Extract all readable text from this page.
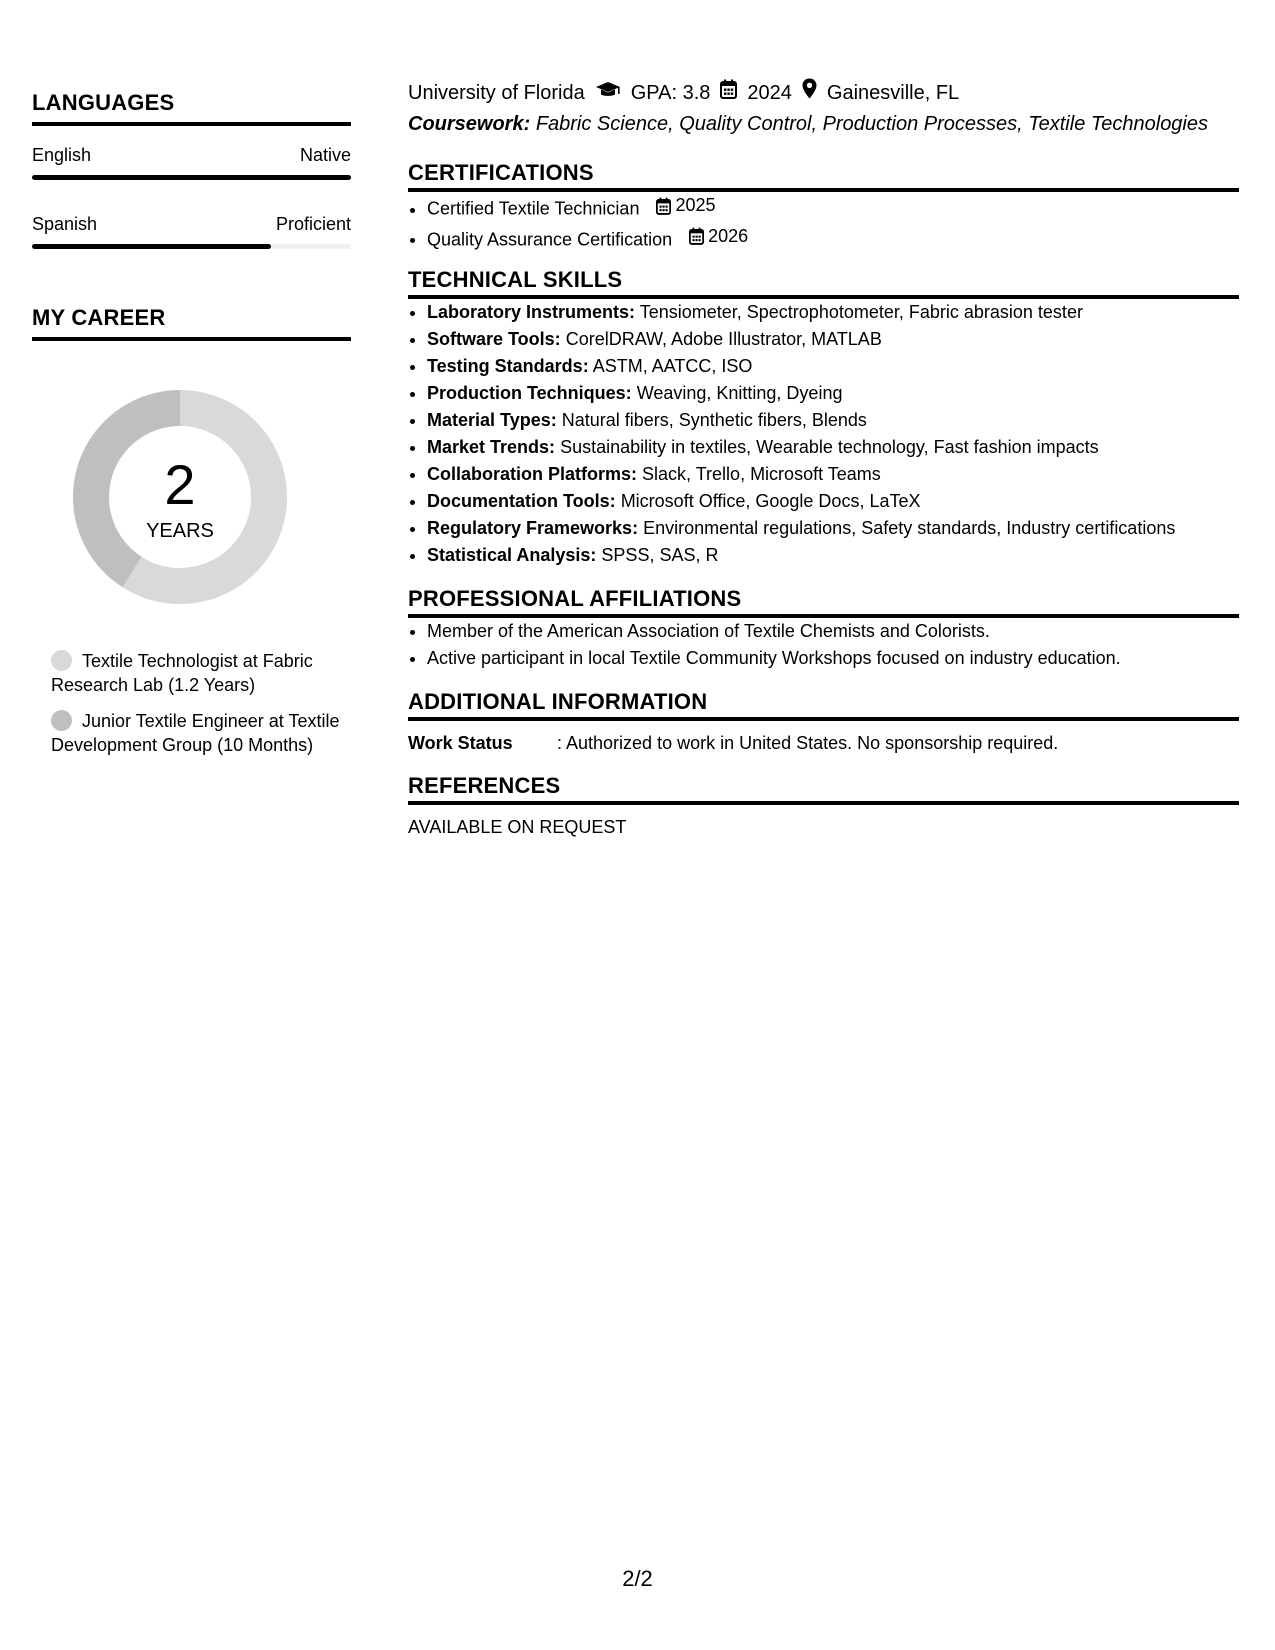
LANGUAGES
English	Native
Spanish	Proficient
MY CAREER
2
YEARS
Textile Technologist at Fabric Research Lab (1.2 Years)
Junior Textile Engineer at Textile Development Group (10 Months)
University of Florida GPA: 3.8 2024 Gainesville, FL
Coursework: Fabric Science, Quality Control, Production Processes, Textile Technologies
CERTIFICATIONS
• Certified Textile Technician 2025
• Quality Assurance Certification 2026
TECHNICAL SKILLS
• Laboratory Instruments: Tensiometer, Spectrophotometer, Fabric abrasion tester
• Software Tools: CorelDRAW, Adobe Illustrator, MATLAB
• Testing Standards: ASTM, AATCC, ISO
• Production Techniques: Weaving, Knitting, Dyeing
• Material Types: Natural fibers, Synthetic fibers, Blends
• Market Trends: Sustainability in textiles, Wearable technology, Fast fashion impacts
• Collaboration Platforms: Slack, Trello, Microsoft Teams
• Documentation Tools: Microsoft Office, Google Docs, LaTeX
• Regulatory Frameworks: Environmental regulations, Safety standards, Industry certifications
• Statistical Analysis: SPSS, SAS, R
PROFESSIONAL AFFILIATIONS
• Member of the American Association of Textile Chemists and Colorists.
• Active participant in local Textile Community Workshops focused on industry education.
ADDITIONAL INFORMATION
Work Status	: Authorized to work in United States. No sponsorship required.
REFERENCES
AVAILABLE ON REQUEST
2/2
